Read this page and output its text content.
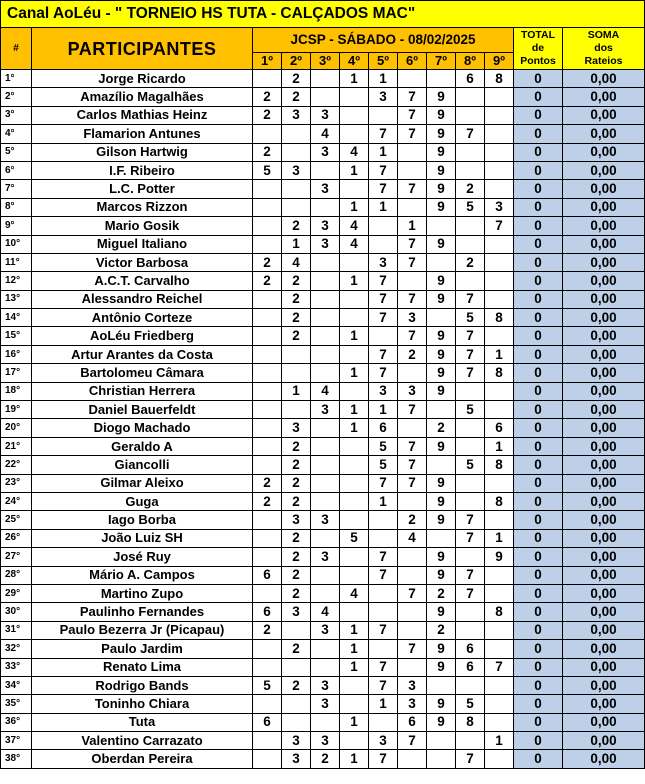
Canal AoLéu - " TORNEIO HS TUTA - CALÇADOS MAC"												
#	PARTICIPANTES	JCSP - SÁBADO - 08/02/2025									TOTAL
de
Pontos	SOMA
dos
Rateios
		1º	2º	3º	4º	5º	6º	7º	8º	9º		
1°	Jorge Ricardo		2		1	1			6	8	0	0,00
2°	Amazílio Magalhães	2	2			3	7	9			0	0,00
3°	Carlos Mathias Heinz	2	3	3			7	9			0	0,00
4°	Flamarion Antunes			4		7	7	9	7		0	0,00
5°	Gilson Hartwig	2		3	4	1		9			0	0,00
6°	I.F. Ribeiro	5	3		1	7		9			0	0,00
7°	L.C. Potter			3		7	7	9	2		0	0,00
8°	Marcos Rizzon				1	1		9	5	3	0	0,00
9°	Mario Gosik		2	3	4		1			7	0	0,00
10°	Miguel Italiano		1	3	4		7	9			0	0,00
11°	Victor Barbosa	2	4			3	7		2		0	0,00
12°	A.C.T. Carvalho	2	2		1	7		9			0	0,00
13°	Alessandro Reichel		2			7	7	9	7		0	0,00
14°	Antônio Corteze		2			7	3		5	8	0	0,00
15°	AoLéu Friedberg		2		1		7	9	7		0	0,00
16°	Artur Arantes da Costa					7	2	9	7	1	0	0,00
17°	Bartolomeu Câmara				1	7		9	7	8	0	0,00
18°	Christian Herrera		1	4		3	3	9			0	0,00
19°	Daniel Bauerfeldt			3	1	1	7		5		0	0,00
20°	Diogo Machado		3		1	6		2		6	0	0,00
21°	Geraldo A		2			5	7	9		1	0	0,00
22°	Giancolli		2			5	7		5	8	0	0,00
23°	Gilmar Aleixo	2	2			7	7	9			0	0,00
24°	Guga	2	2			1		9		8	0	0,00
25°	Iago Borba		3	3			2	9	7		0	0,00
26°	João Luiz SH		2		5		4		7	1	0	0,00
27°	José Ruy		2	3		7		9		9	0	0,00
28°	Mário A. Campos	6	2			7		9	7		0	0,00
29°	Martino Zupo		2		4		7	2	7		0	0,00
30°	Paulinho Fernandes	6	3	4				9		8	0	0,00
31°	Paulo Bezerra Jr (Picapau)	2		3	1	7		2			0	0,00
32°	Paulo Jardim		2		1		7	9	6		0	0,00
33°	Renato Lima				1	7		9	6	7	0	0,00
34°	Rodrigo Bands	5	2	3		7	3				0	0,00
35°	Toninho Chiara			3		1	3	9	5		0	0,00
36°	Tuta	6			1		6	9	8		0	0,00
37°	Valentino Carrazato		3	3		3	7			1	0	0,00
38°	Oberdan Pereira		3	2	1	7			7		0	0,00
